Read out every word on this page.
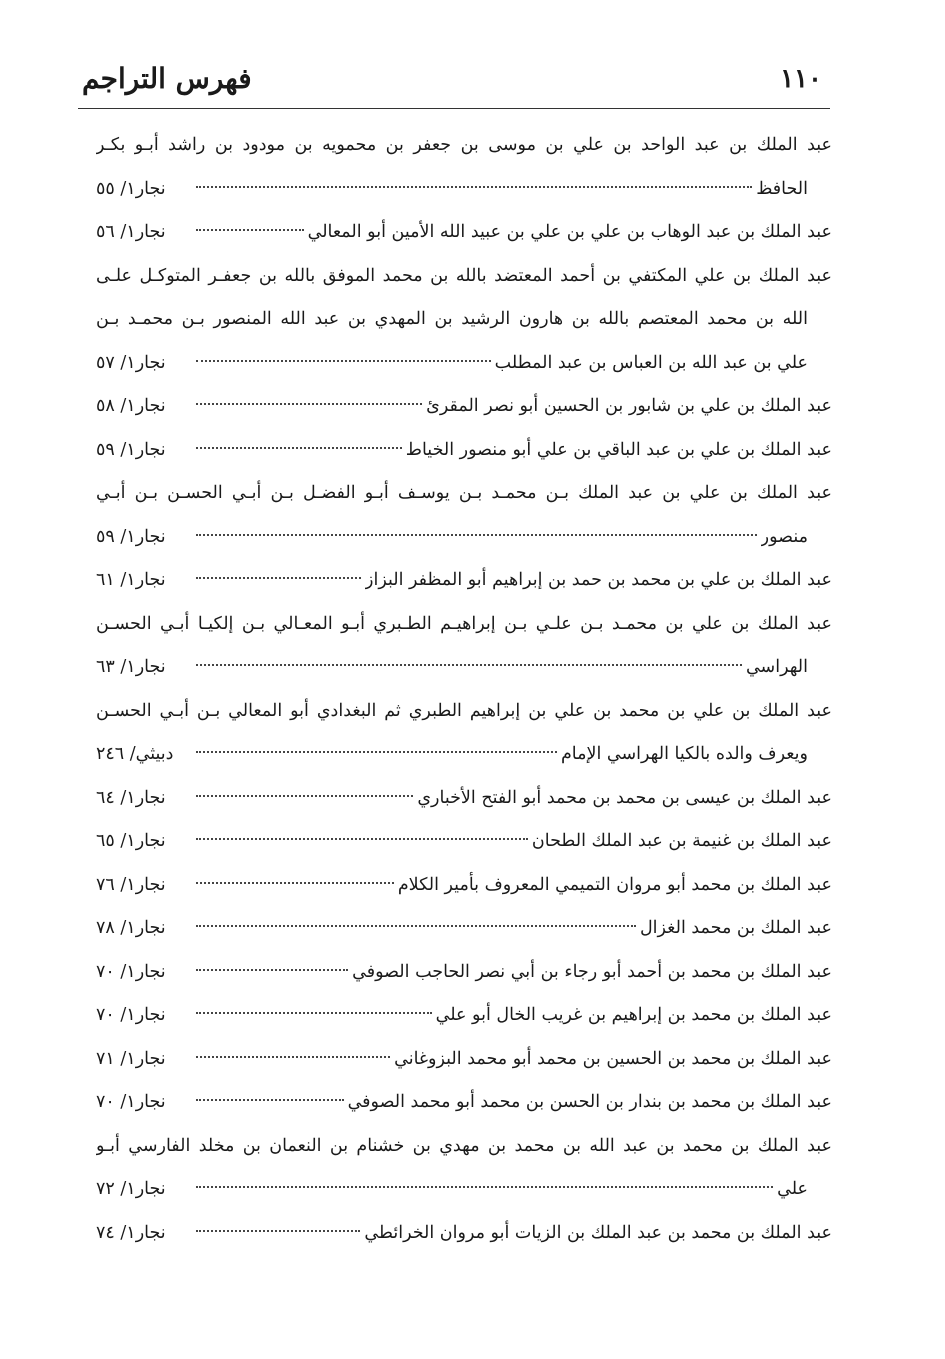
١١٠
فهرس التراجم
عبد الملك بن عبد الواحد بن علي بن موسى بن جعفر بن محمويه بن مودود بن راشد أبـو بكـر
الحافظ
نجار١/ ٥٥
عبد الملك بن عبد الوهاب بن علي بن علي بن عبيد الله الأمين أبو المعالي
نجار١/ ٥٦
عبد الملك بن علي المكتفي بن أحمد المعتضد بالله بن محمد الموفق بالله بن جعفـر المتوكـل علـى
الله بن محمد المعتصم بالله بن هارون الرشيد بن المهدي بن عبد الله المنصور بـن محمـد بـن
علي بن عبد الله بن العباس بن عبد المطلب
نجار١/ ٥٧
عبد الملك بن علي بن شابور بن الحسين أبو نصر المقرئ
نجار١/ ٥٨
عبد الملك بن علي بن عبد الباقي بن علي أبو منصور الخياط
نجار١/ ٥٩
عبد الملك بن علي بن عبد الملك بـن محمـد بـن يوسـف أبـو الفضـل بـن أبـي الحسـن بـن أبـي
منصور
نجار١/ ٥٩
عبد الملك بن علي بن محمد بن حمد بن إبراهيم أبو المظفر البزاز
نجار١/ ٦١
عبد الملك بن علي بن محمـد بـن علـي بـن إبراهيـم الطـبري أبـو المعـالي بـن إلكيـا أبـي الحسـن
الهراسي
نجار١/ ٦٣
عبد الملك بن علي بن محمد بن علي بن إبراهيم الطبري ثم البغدادي أبو المعالي بـن أبـي الحسـن
ويعرف والده بالكيا الهراسي الإمام
دبيثي/ ٢٤٦
عبد الملك بن عيسى بن محمد بن محمد أبو الفتح الأخباري
نجار١/ ٦٤
عبد الملك بن غنيمة بن عبد الملك الطحان
نجار١/ ٦٥
عبد الملك بن محمد أبو مروان التميمي المعروف بأمير الكلام
نجار١/ ٧٦
عبد الملك بن محمد الغزال
نجار١/ ٧٨
عبد الملك بن محمد بن أحمد أبو رجاء بن أبي نصر الحاجب الصوفي
نجار١/ ٧٠
عبد الملك بن محمد بن إبراهيم بن غريب الخال أبو علي
نجار١/ ٧٠
عبد الملك بن محمد بن الحسين بن محمد أبو محمد البزوغاني
نجار١/ ٧١
عبد الملك بن محمد بن بندار بن الحسن بن محمد أبو محمد الصوفي
نجار١/ ٧٠
عبد الملك بن محمد بن عبد الله بن محمد بن مهدي بن خشنام بن النعمان بن مخلد الفارسي أبـو
علي
نجار١/ ٧٢
عبد الملك بن محمد بن عبد الملك بن الزيات أبو مروان الخرائطي
نجار١/ ٧٤
